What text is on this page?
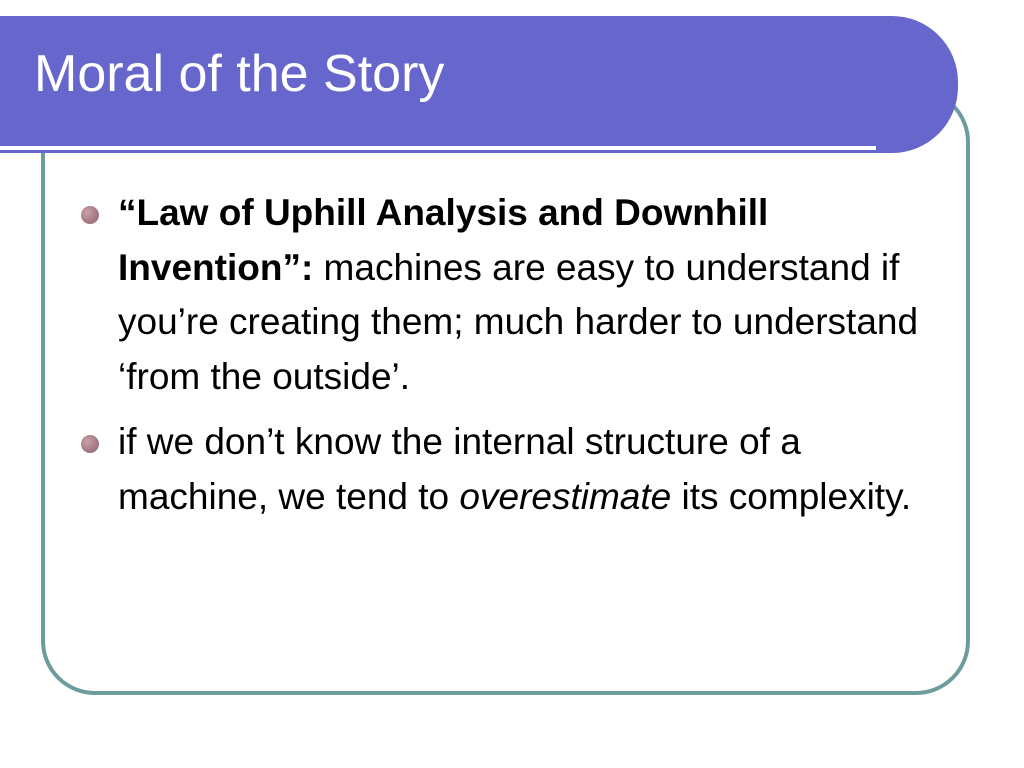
Moral of the Story
“Law of Uphill Analysis and Downhill Invention”: machines are easy to understand if you’re creating them; much harder to understand ‘from the outside’.
if we don’t know the internal structure of a machine, we tend to overestimate its complexity.
